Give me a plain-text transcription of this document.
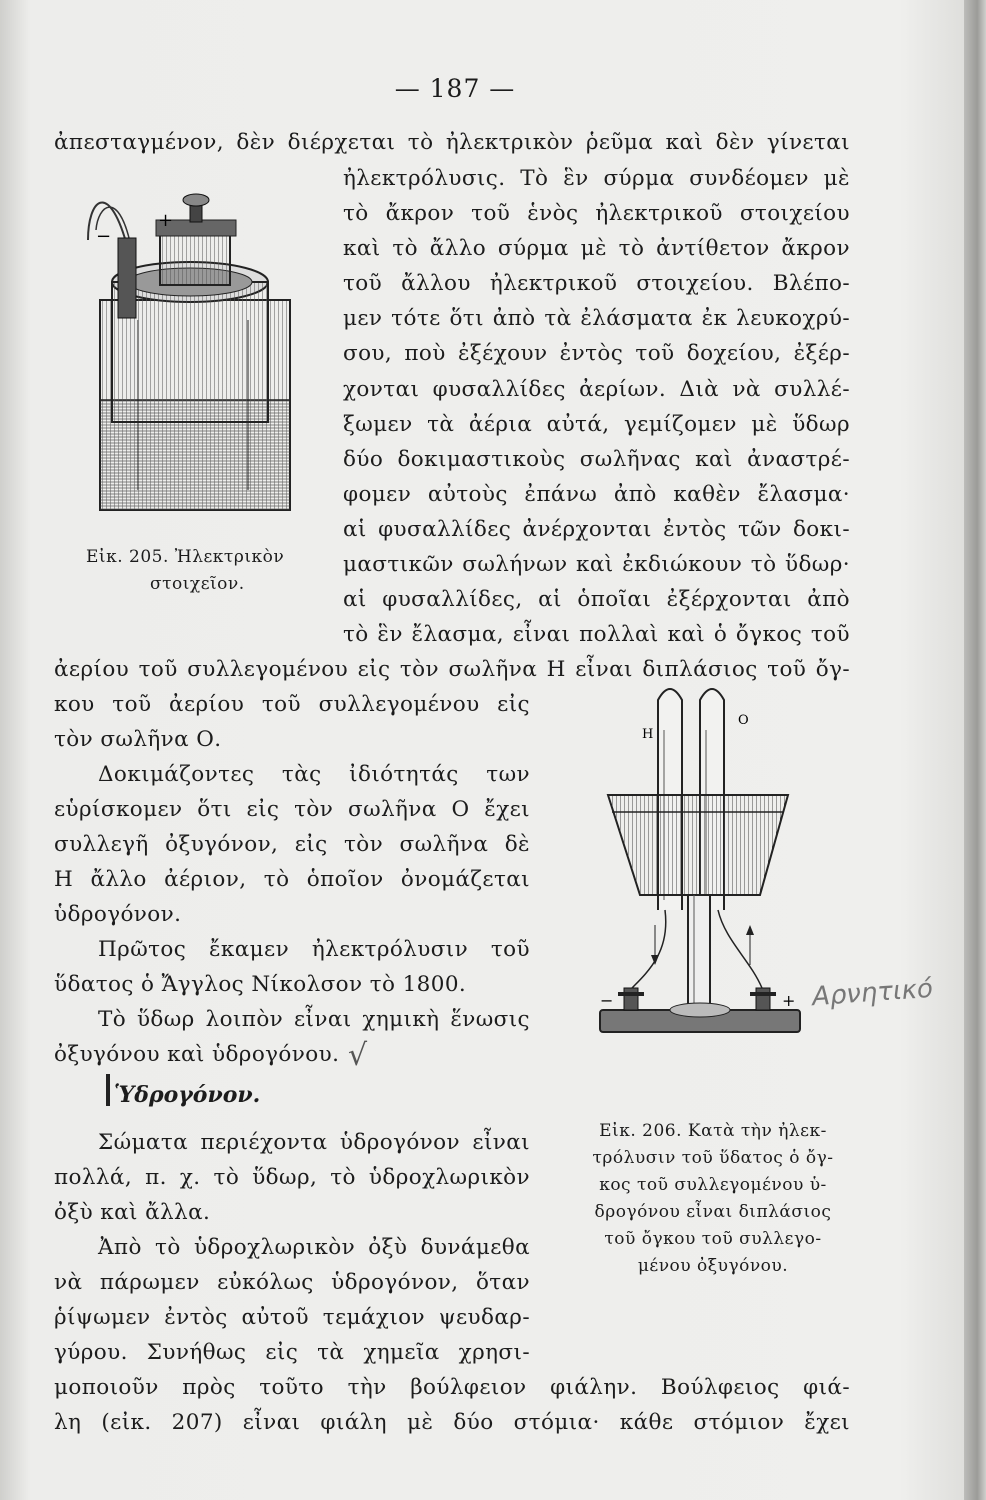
— 187 —
ἀπεσταγμένον, δὲν διέρχεται τὸ ἠλεκτρικὸν ῥεῦμα καὶ δὲν γίνεται
ἠλεκτρόλυσις. Τὸ ἓν σύρμα συνδέομεν μὲ
τὸ ἄκρον τοῦ ἑνὸς ἠλεκτρικοῦ στοιχείου
καὶ τὸ ἄλλο σύρμα μὲ τὸ ἀντίθετον ἄκρον
τοῦ ἄλλου ἠλεκτρικοῦ στοιχείου. Βλέπο-
μεν τότε ὅτι ἀπὸ τὰ ἐλάσματα ἐκ λευκοχρύ-
σου, ποὺ ἐξέχουν ἐντὸς τοῦ δοχείου, ἐξέρ-
χονται φυσαλλίδες ἀερίων. Διὰ νὰ συλλέ-
ξωμεν τὰ ἀέρια αὐτά, γεμίζομεν μὲ ὕδωρ
δύο δοκιμαστικοὺς σωλῆνας καὶ ἀναστρέ-
φομεν αὐτοὺς ἐπάνω ἀπὸ καθὲν ἔλασμα·
αἱ φυσαλλίδες ἀνέρχονται ἐντὸς τῶν δοκι-
μαστικῶν σωλήνων καὶ ἐκδιώκουν τὸ ὕδωρ·
αἱ φυσαλλίδες, αἱ ὁποῖαι ἐξέρχονται ἀπὸ
τὸ ἓν ἔλασμα, εἶναι πολλαὶ καὶ ὁ ὄγκος τοῦ
ἀερίου τοῦ συλλεγομένου εἰς τὸν σωλῆνα Η εἶναι διπλάσιος τοῦ ὄγ-
+
−
Εἰκ. 205. Ἠλεκτρικὸν
στοιχεῖον.
κου τοῦ ἀερίου τοῦ συλλεγομένου εἰς
τὸν σωλῆνα Ο.
Δοκιμάζοντες τὰς ἰδιότητάς των
εὑρίσκομεν ὅτι εἰς τὸν σωλῆνα Ο ἔχει
συλλεγῆ ὀξυγόνον, εἰς τὸν σωλῆνα δὲ
Η ἄλλο ἀέριον, τὸ ὁποῖον ὀνομάζεται
ὑδρογόνον.
Πρῶτος ἔκαμεν ἠλεκτρόλυσιν τοῦ
ὕδατος ὁ Ἄγγλος Νίκολσον τὸ 1800.
Τὸ ὕδωρ λοιπὸν εἶναι χημικὴ ἕνωσις
ὀξυγόνου καὶ ὑδρογόνου. √
Ὑδρογόνον.
Σώματα περιέχοντα ὑδρογόνον εἶναι
πολλά, π. χ. τὸ ὕδωρ, τὸ ὑδροχλωρικὸν
ὀξὺ καὶ ἄλλα.
Ἀπὸ τὸ ὑδροχλωρικὸν ὀξὺ δυνάμεθα
νὰ πάρωμεν εὐκόλως ὑδρογόνον, ὅταν
ῥίψωμεν ἐντὸς αὐτοῦ τεμάχιον ψευδαρ-
γύρου. Συνήθως εἰς τὰ χημεῖα χρησι-
μοποιοῦν πρὸς τοῦτο τὴν βούλφειον φιάλην. Βούλφειος φιά-
λη (εἰκ. 207) εἶναι φιάλη μὲ δύο στόμια· κάθε στόμιον ἔχει
Η
Ο
−	+ Αρνητικό
Εἰκ. 206. Κατὰ τὴν ἠλεκ-
τρόλυσιν τοῦ ὕδατος ὁ ὄγ-
κος τοῦ συλλεγομένου ὑ-
δρογόνου εἶναι διπλάσιος
τοῦ ὄγκου τοῦ συλλεγο-
μένου ὀξυγόνου.
